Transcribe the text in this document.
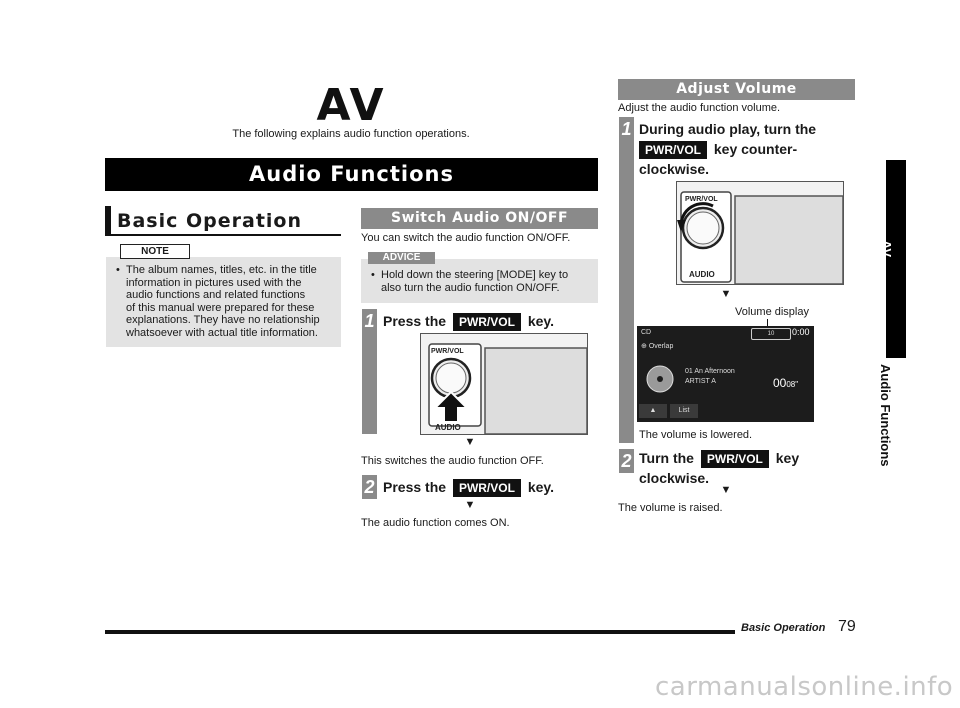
AV
The following explains audio function operations.
Audio Functions
Basic Operation
• The album names, titles, etc. in the title
information in pictures used with the
audio functions and related functions
of this manual were prepared for these
explanations. They have no relationship
whatsoever with actual title information.
NOTE
Switch Audio ON/OFF
You can switch the audio function ON/OFF.
• Hold down the steering [MODE] key to
also turn the audio function ON/OFF.
ADVICE
1 Press the PWR/VOL key.
PWR/VOL
AUDIO
▼
This switches the audio function OFF.
2 Press the PWR/VOL key.
▼
The audio function comes ON.
Adjust Volume
Adjust the audio function volume.
1 During audio play, turn the
PWR/VOL key counter-
clockwise.
PWR/VOL
AUDIO
▼
Volume display
CD	10	0:00
⊕ Overlap
01 An Afternoon
ARTIST A	0008"
▲	List
The volume is lowered.
2 Turn the PWR/VOL key
clockwise.
▼
The volume is raised.
AV
Audio Functions
Basic Operation 79
carmanualsonline.info
